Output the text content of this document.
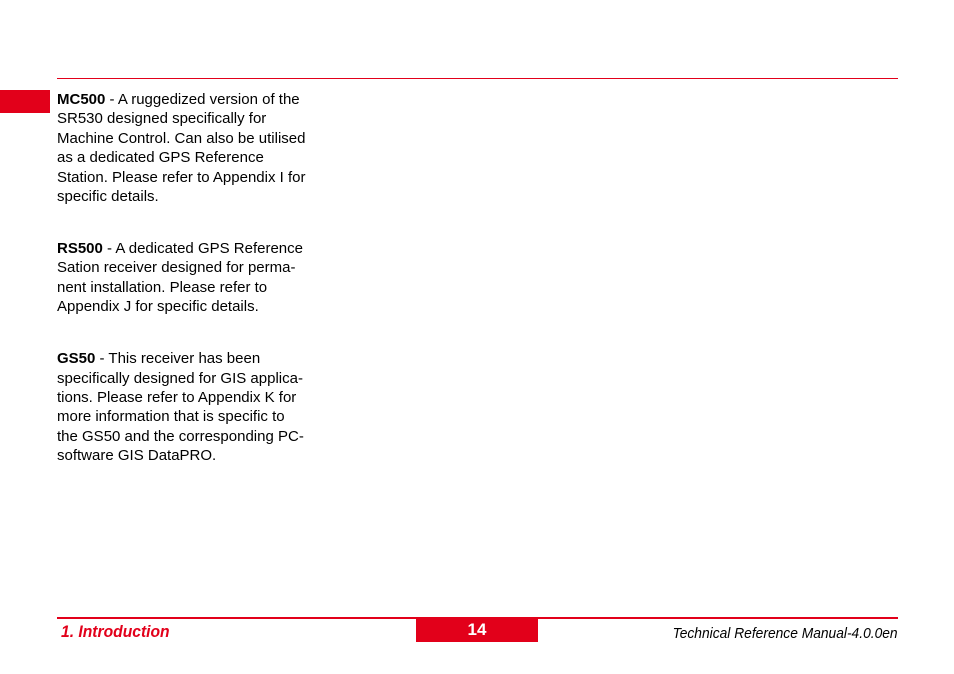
MC500 - A ruggedized version of the
SR530 designed specifically for
Machine Control. Can also be utilised
as a dedicated GPS Reference
Station. Please refer to Appendix I for
specific details.
RS500 - A dedicated GPS Reference
Sation receiver designed for perma-
nent installation. Please refer to
Appendix J for specific details.
GS50 - This receiver has been
specifically designed for GIS applica-
tions. Please refer to Appendix K for
more information that is specific to
the GS50 and the corresponding PC-
software GIS DataPRO.
1. Introduction	14	Technical Reference Manual-4.0.0en
